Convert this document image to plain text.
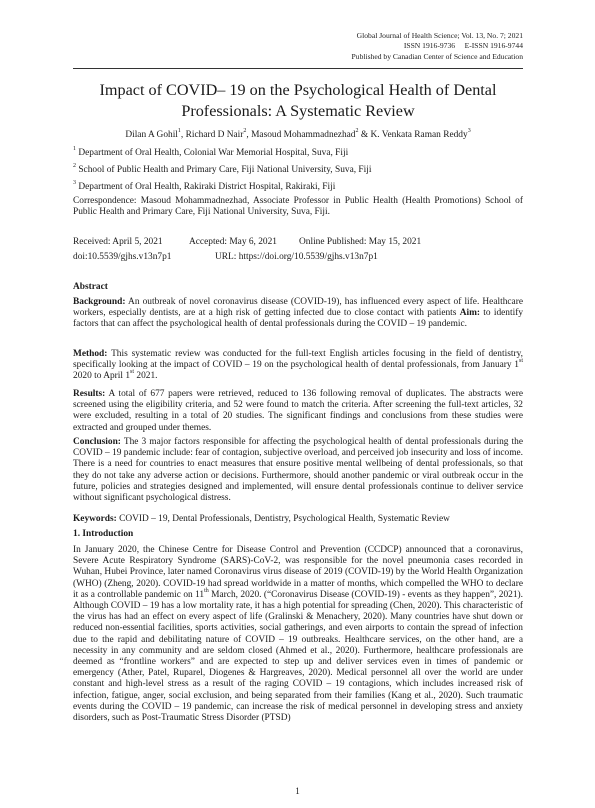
Global Journal of Health Science; Vol. 13, No. 7; 2021
ISSN 1916-9736     E-ISSN 1916-9744
Published by Canadian Center of Science and Education
Impact of COVID– 19 on the Psychological Health of Dental
Professionals: A Systematic Review
Dilan A Gohil$^1$, Richard D Nair$^2$, Masoud Mohammadnezhad$^2$ & K. Venkata Raman Reddy$^3$
$^1$ Department of Oral Health, Colonial War Memorial Hospital, Suva, Fiji
$^2$ School of Public Health and Primary Care, Fiji National University, Suva, Fiji
$^3$ Department of Oral Health, Rakiraki District Hospital, Rakiraki, Fiji
Correspondence: Masoud Mohammadnezhad, Associate Professor in Public Health (Health Promotions) School of Public Health and Primary Care, Fiji National University, Suva, Fiji.
Received: April 5, 2021	Accepted: May 6, 2021 Online Published: May 15, 2021
doi:10.5539/gjhs.v13n7p1	URL: https://doi.org/10.5539/gjhs.v13n7p1
Abstract
Background: An outbreak of novel coronavirus disease (COVID-19), has influenced every aspect of life. Healthcare workers, especially dentists, are at a high risk of getting infected due to close contact with patients Aim: to identify factors that can affect the psychological health of dental professionals during the COVID – 19 pandemic.
Method: This systematic review was conducted for the full-text English articles focusing in the field of dentistry, specifically looking at the impact of COVID – 19 on the psychological health of dental professionals, from January 1st 2020 to April 1st 2021.
Results: A total of 677 papers were retrieved, reduced to 136 following removal of duplicates. The abstracts were screened using the eligibility criteria, and 52 were found to match the criteria. After screening the full-text articles, 32 were excluded, resulting in a total of 20 studies. The significant findings and conclusions from these studies were extracted and grouped under themes.
Conclusion: The 3 major factors responsible for affecting the psychological health of dental professionals during the COVID – 19 pandemic include: fear of contagion, subjective overload, and perceived job insecurity and loss of income. There is a need for countries to enact measures that ensure positive mental wellbeing of dental professionals, so that they do not take any adverse action or decisions. Furthermore, should another pandemic or viral outbreak occur in the future, policies and strategies designed and implemented, will ensure dental professionals continue to deliver service without significant psychological distress.
Keywords: COVID – 19, Dental Professionals, Dentistry, Psychological Health, Systematic Review
1. Introduction
In January 2020, the Chinese Centre for Disease Control and Prevention (CCDCP) announced that a coronavirus, Severe Acute Respiratory Syndrome (SARS)-CoV-2, was responsible for the novel pneumonia cases recorded in Wuhan, Hubei Province, later named Coronavirus virus disease of 2019 (COVID-19) by the World Health Organization (WHO) (Zheng, 2020). COVID-19 had spread worldwide in a matter of months, which compelled the WHO to declare it as a controllable pandemic on 11th March, 2020. (“Coronavirus Disease (COVID-19) - events as they happen”, 2021). Although COVID – 19 has a low mortality rate, it has a high potential for spreading (Chen, 2020). This characteristic of the virus has had an effect on every aspect of life (Gralinski & Menachery, 2020). Many countries have shut down or reduced non-essential facilities, sports activities, social gatherings, and even airports to contain the spread of infection due to the rapid and debilitating nature of COVID – 19 outbreaks. Healthcare services, on the other hand, are a necessity in any community and are seldom closed (Ahmed et al., 2020). Furthermore, healthcare professionals are deemed as “frontline workers” and are expected to step up and deliver services even in times of pandemic or emergency (Ather, Patel, Ruparel, Diogenes & Hargreaves, 2020). Medical personnel all over the world are under constant and high-level stress as a result of the raging COVID – 19 contagions, which includes increased risk of infection, fatigue, anger, social exclusion, and being separated from their families (Kang et al., 2020). Such traumatic events during the COVID – 19 pandemic, can increase the risk of medical personnel in developing stress and anxiety disorders, such as Post-Traumatic Stress Disorder (PTSD)
1
